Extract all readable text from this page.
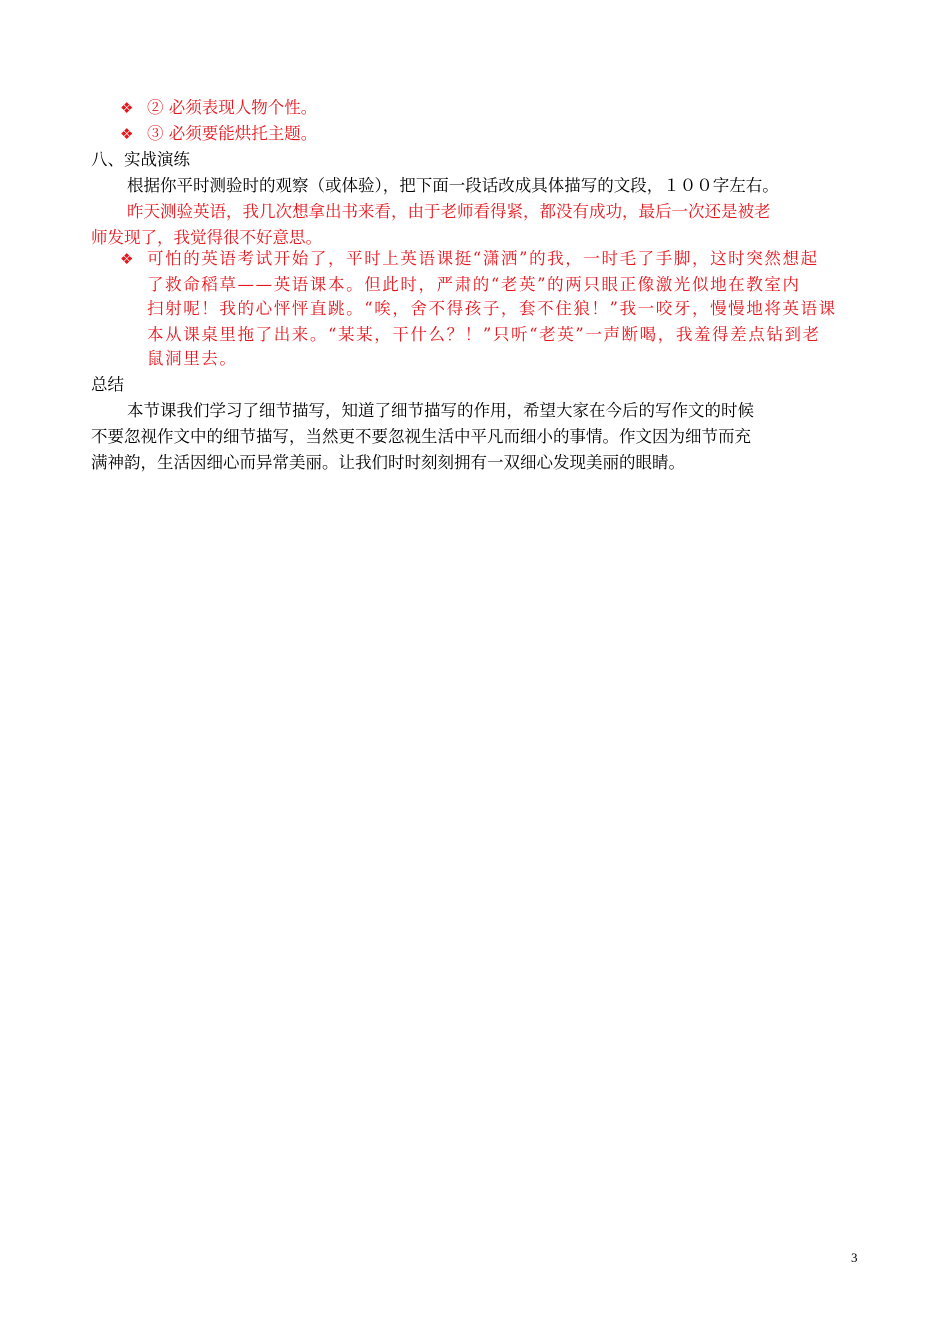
❖ ② 必须表现人物个性。
❖ ③ 必须要能烘托主题。
八、实战演练
根据你平时测验时的观察（或体验），把下面一段话改成具体描写的文段，１００字左右。
昨天测验英语，我几次想拿出书来看，由于老师看得紧，都没有成功，最后一次还是被老
师发现了，我觉得很不好意思。
❖ 可怕的英语考试开始了，平时上英语课挺“潇洒”的我，一时毛了手脚，这时突然想起
了救命稻草——英语课本。但此时，严肃的“老英”的两只眼正像激光似地在教室内
扫射呢！我的心怦怦直跳。“唉，舍不得孩子，套不住狼！”我一咬牙，慢慢地将英语课
本从课桌里拖了出来。“某某，干什么？！”只听“老英”一声断喝，我羞得差点钻到老
鼠洞里去。
总结
本节课我们学习了细节描写，知道了细节描写的作用，希望大家在今后的写作文的时候
不要忽视作文中的细节描写，当然更不要忽视生活中平凡而细小的事情。作文因为细节而充
满神韵，生活因细心而异常美丽。让我们时时刻刻拥有一双细心发现美丽的眼睛。
3
